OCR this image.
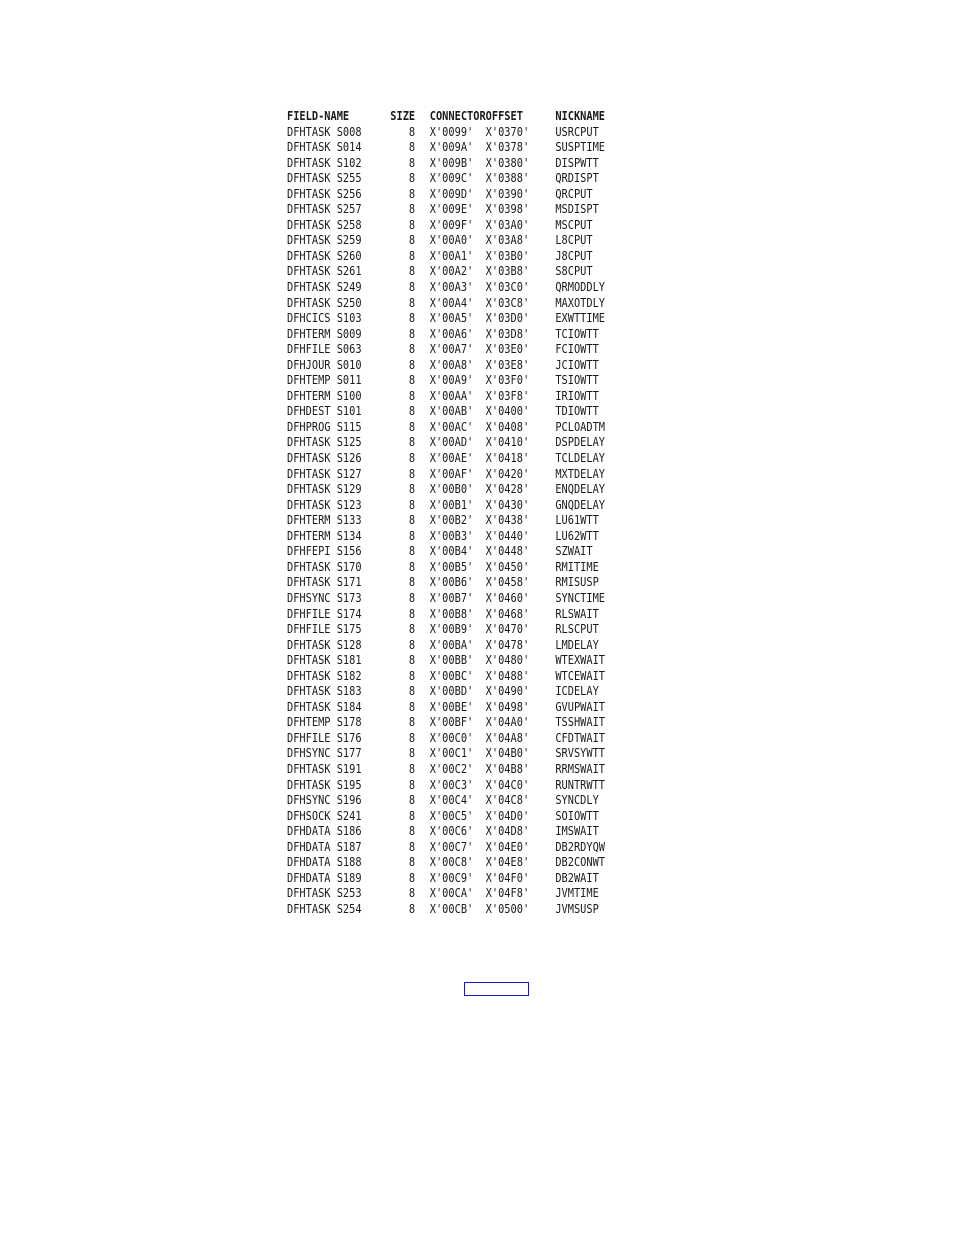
FIELD-NAME	SIZE	CONNECTOR OFFSET	NICKNAME
DFHTASK S008	8	X'0099'	X'0370'	USRCPUT
DFHTASK S014	8	X'009A'	X'0378'	SUSPTIME
DFHTASK S102	8	X'009B'	X'0380'	DISPWTT
DFHTASK S255	8	X'009C'	X'0388'	QRDISPT
DFHTASK S256	8	X'009D'	X'0390'	QRCPUT
DFHTASK S257	8	X'009E'	X'0398'	MSDISPT
DFHTASK S258	8	X'009F'	X'03A0'	MSCPUT
DFHTASK S259	8	X'00A0'	X'03A8'	L8CPUT
DFHTASK S260	8	X'00A1'	X'03B0'	J8CPUT
DFHTASK S261	8	X'00A2'	X'03B8'	S8CPUT
DFHTASK S249	8	X'00A3'	X'03C0'	QRMODDLY
DFHTASK S250	8	X'00A4'	X'03C8'	MAXOTDLY
DFHCICS S103	8	X'00A5'	X'03D0'	EXWTTIME
DFHTERM S009	8	X'00A6'	X'03D8'	TCIOWTT
DFHFILE S063	8	X'00A7'	X'03E0'	FCIOWTT
DFHJOUR S010	8	X'00A8'	X'03E8'	JCIOWTT
DFHTEMP S011	8	X'00A9'	X'03F0'	TSIOWTT
DFHTERM S100	8	X'00AA'	X'03F8'	IRIOWTT
DFHDEST S101	8	X'00AB'	X'0400'	TDIOWTT
DFHPROG S115	8	X'00AC'	X'0408'	PCLOADTM
DFHTASK S125	8	X'00AD'	X'0410'	DSPDELAY
DFHTASK S126	8	X'00AE'	X'0418'	TCLDELAY
DFHTASK S127	8	X'00AF'	X'0420'	MXTDELAY
DFHTASK S129	8	X'00B0'	X'0428'	ENQDELAY
DFHTASK S123	8	X'00B1'	X'0430'	GNQDELAY
DFHTERM S133	8	X'00B2'	X'0438'	LU61WTT
DFHTERM S134	8	X'00B3'	X'0440'	LU62WTT
DFHFEPI S156	8	X'00B4'	X'0448'	SZWAIT
DFHTASK S170	8	X'00B5'	X'0450'	RMITIME
DFHTASK S171	8	X'00B6'	X'0458'	RMISUSP
DFHSYNC S173	8	X'00B7'	X'0460'	SYNCTIME
DFHFILE S174	8	X'00B8'	X'0468'	RLSWAIT
DFHFILE S175	8	X'00B9'	X'0470'	RLSCPUT
DFHTASK S128	8	X'00BA'	X'0478'	LMDELAY
DFHTASK S181	8	X'00BB'	X'0480'	WTEXWAIT
DFHTASK S182	8	X'00BC'	X'0488'	WTCEWAIT
DFHTASK S183	8	X'00BD'	X'0490'	ICDELAY
DFHTASK S184	8	X'00BE'	X'0498'	GVUPWAIT
DFHTEMP S178	8	X'00BF'	X'04A0'	TSSHWAIT
DFHFILE S176	8	X'00C0'	X'04A8'	CFDTWAIT
DFHSYNC S177	8	X'00C1'	X'04B0'	SRVSYWTT
DFHTASK S191	8	X'00C2'	X'04B8'	RRMSWAIT
DFHTASK S195	8	X'00C3'	X'04C0'	RUNTRWTT
DFHSYNC S196	8	X'00C4'	X'04C8'	SYNCDLY
DFHSOCK S241	8	X'00C5'	X'04D0'	SOIOWTT
DFHDATA S186	8	X'00C6'	X'04D8'	IMSWAIT
DFHDATA S187	8	X'00C7'	X'04E0'	DB2RDYQW
DFHDATA S188	8	X'00C8'	X'04E8'	DB2CONWT
DFHDATA S189	8	X'00C9'	X'04F0'	DB2WAIT
DFHTASK S253	8	X'00CA'	X'04F8'	JVMTIME
DFHTASK S254	8	X'00CB'	X'0500'	JVMSUSP
